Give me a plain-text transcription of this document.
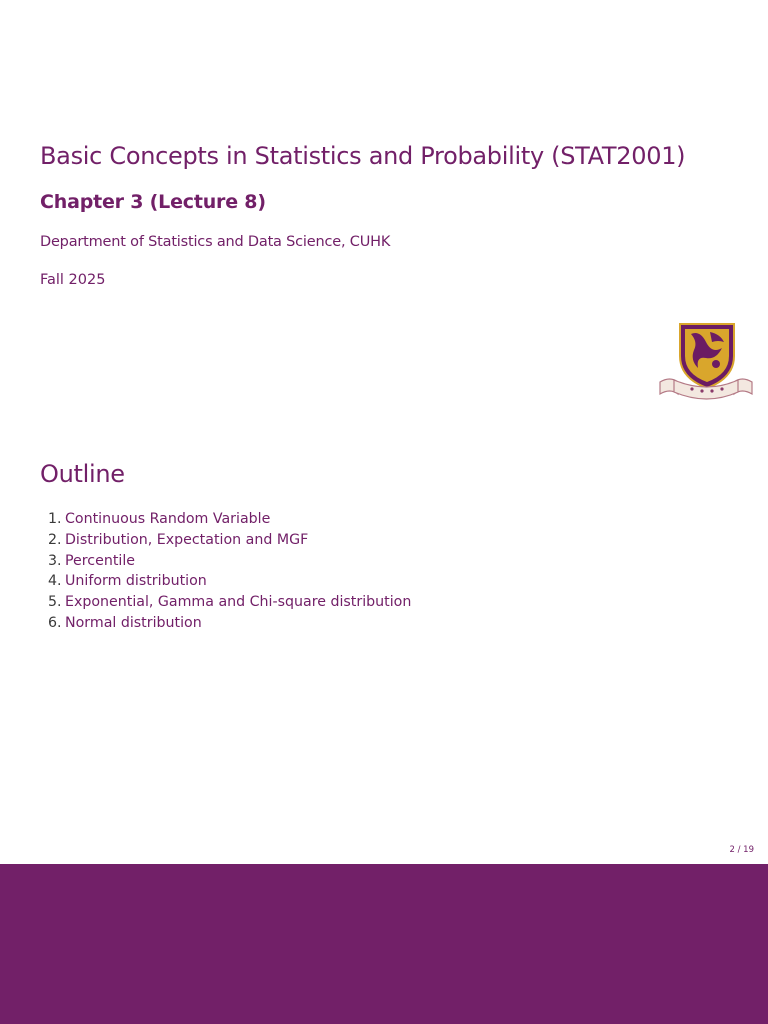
Basic Concepts in Statistics and Probability (STAT2001)
Chapter 3 (Lecture 8)
Department of Statistics and Data Science, CUHK
Fall 2025
Outline
1. Continuous Random Variable
2. Distribution, Expectation and MGF
3. Percentile
4. Uniform distribution
5. Exponential, Gamma and Chi-square distribution
6. Normal distribution
2 / 19
